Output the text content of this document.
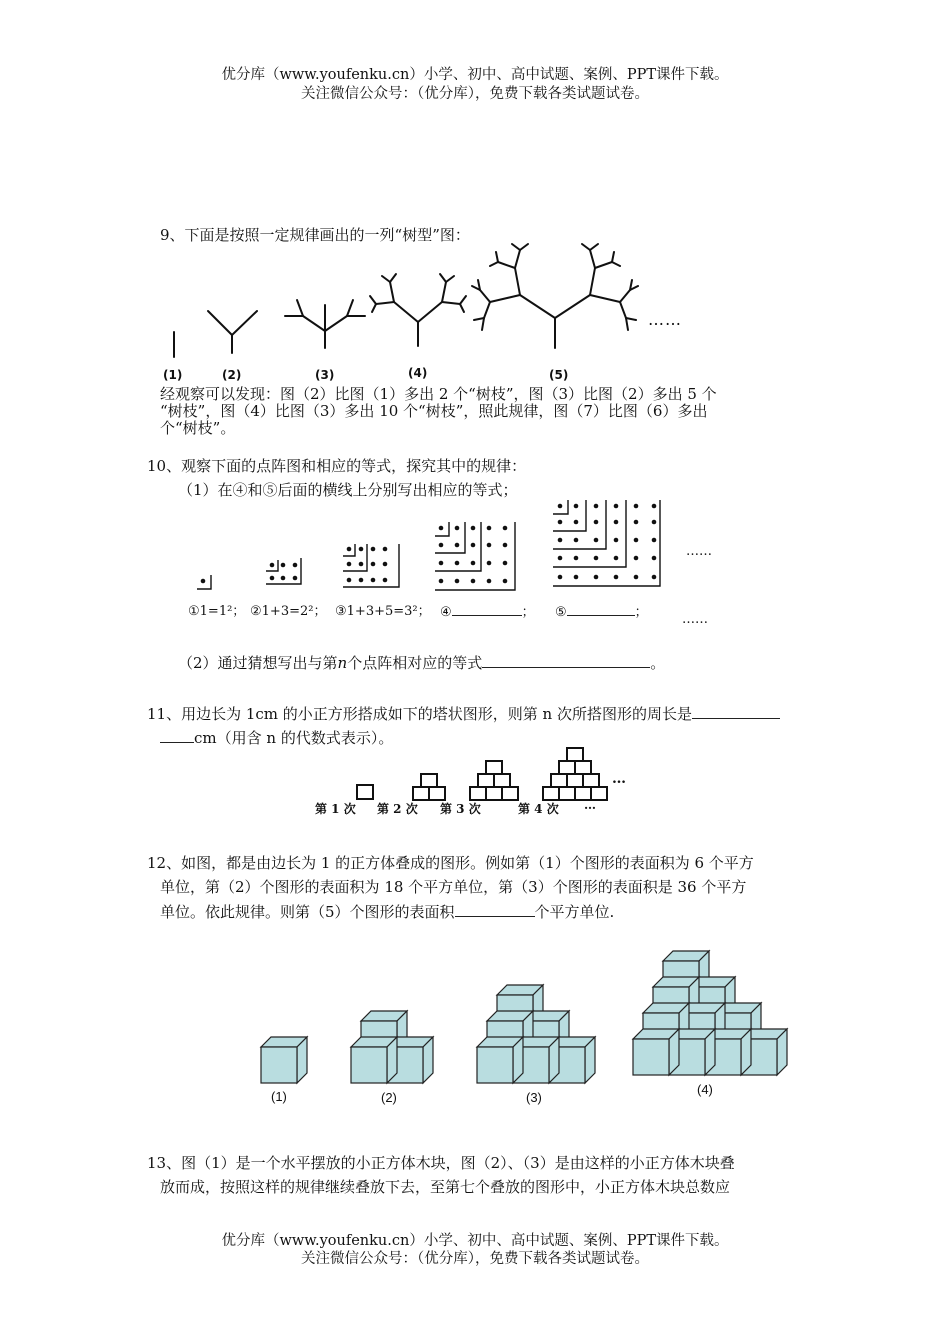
优分库（www.youfenku.cn）小学、初中、高中试题、案例、PPT课件下载。
关注微信公众号：（优分库），免费下载各类试题试卷。
9、下面是按照一定规律画出的一列“树型”图：
……
(1)	(2)	(3)	(4)	(5)
经观察可以发现：图（2）比图（1）多出 2 个“树枝”，图（3）比图（2）多出 5 个
“树枝”，图（4）比图（3）多出 10 个“树枝”，照此规律，图（7）比图（6）多出
个“树枝”。
10、观察下面的点阵图和相应的等式，探究其中的规律：
（1）在④和⑤后面的横线上分别写出相应的等式；
……
①1=1²； ②1+3=2²； ③1+3+5=3²； ④	； ⑤	；	……
（2）通过猜想写出与第n个点阵相对应的等式	。
11、用边长为 1cm 的小正方形搭成如下的塔状图形，则第 n 次所搭图形的周长是
cm（用含 n 的代数式表示）。
…
第 1 次 第 2 次 第 3 次	第 4 次 …
12、如图，都是由边长为 1 的正方体叠成的图形。例如第（1）个图形的表面积为 6 个平方
单位，第（2）个图形的表面积为 18 个平方单位，第（3）个图形的表面积是 36 个平方
单位。依此规律。则第（5）个图形的表面积	个平方单位.
(1)	(2)	(3)
(4)
13、图（1）是一个水平摆放的小正方体木块，图（2）、（3）是由这样的小正方体木块叠
放而成，按照这样的规律继续叠放下去，至第七个叠放的图形中，小正方体木块总数应
优分库（www.youfenku.cn）小学、初中、高中试题、案例、PPT课件下载。
关注微信公众号：（优分库），免费下载各类试题试卷。
